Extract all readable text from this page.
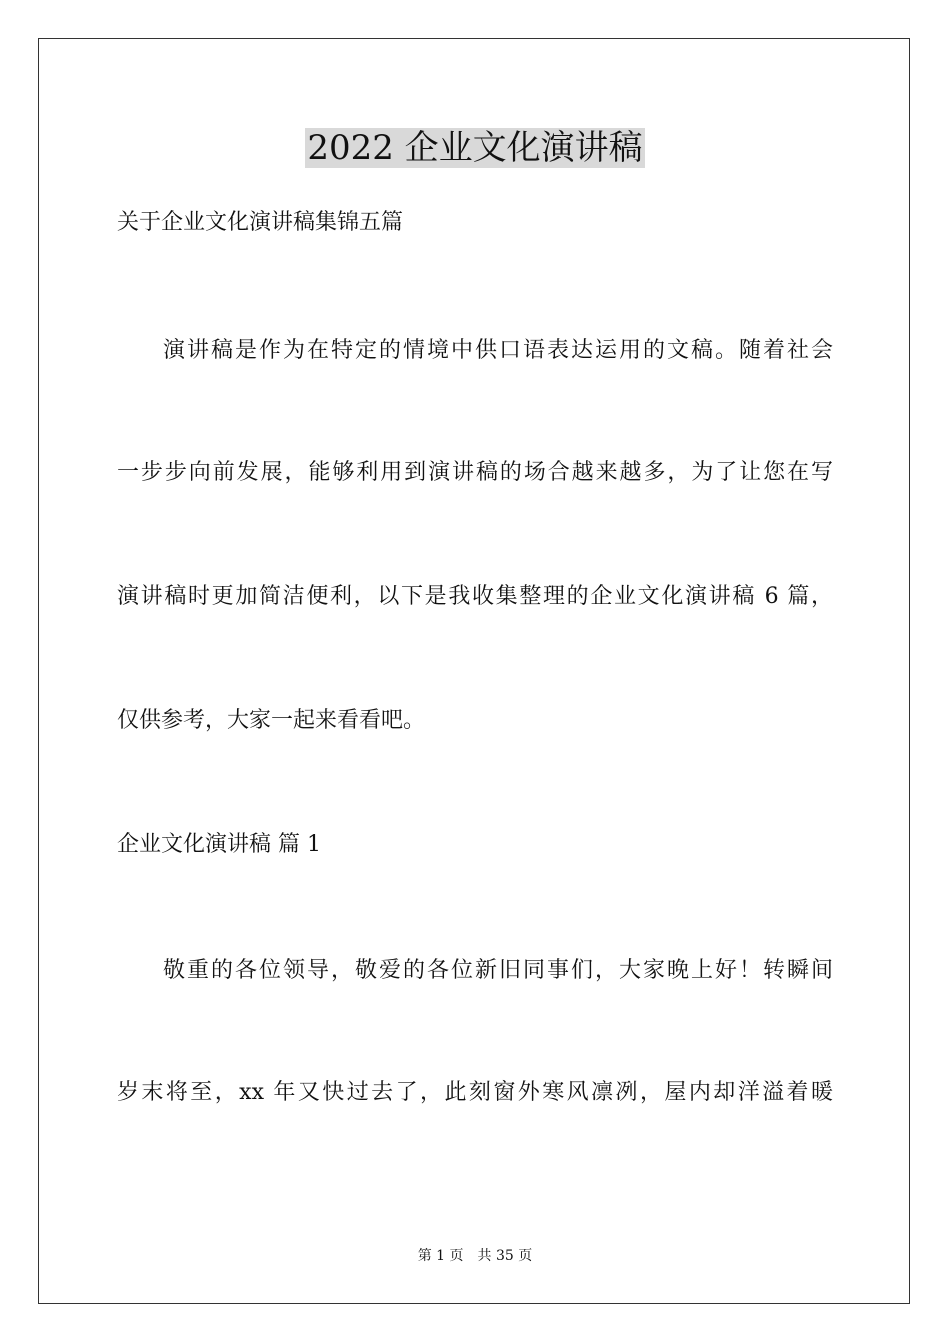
2022 企业文化演讲稿

关于企业文化演讲稿集锦五篇

演讲稿是作为在特定的情境中供口语表达运用的文稿。随着社会

一步步向前发展，能够利用到演讲稿的场合越来越多，为了让您在写

演讲稿时更加简洁便利，以下是我收集整理的企业文化演讲稿 6 篇，

仅供参考，大家一起来看看吧。

企业文化演讲稿 篇 1

敬重的各位领导，敬爱的各位新旧同事们，大家晚上好！转瞬间

岁末将至，xx 年又快过去了，此刻窗外寒风凛冽，屋内却洋溢着暖

第 1 页 共 35 页
